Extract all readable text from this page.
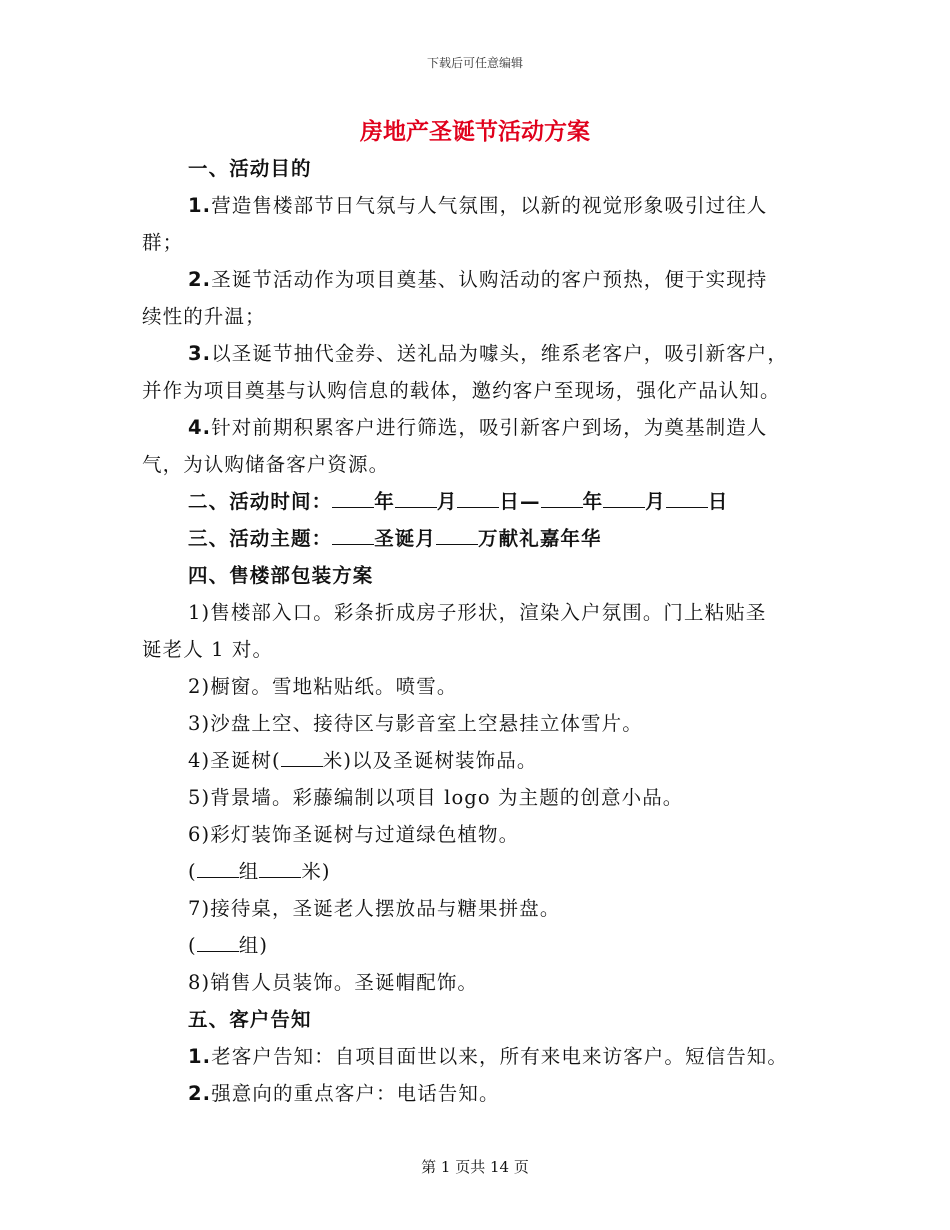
下载后可任意编辑
房地产圣诞节活动方案
一、活动目的
1.营造售楼部节日气氛与人气氛围，以新的视觉形象吸引过往人
群；
2.圣诞节活动作为项目奠基、认购活动的客户预热，便于实现持
续性的升温；
3.以圣诞节抽代金券、送礼品为噱头，维系老客户，吸引新客户，
并作为项目奠基与认购信息的载体，邀约客户至现场，强化产品认知。
4.针对前期积累客户进行筛选，吸引新客户到场，为奠基制造人
气，为认购储备客户资源。
二、活动时间： 年 月 日— 年 月 日
三、活动主题： 圣诞月 万献礼嘉年华
四、售楼部包装方案
1)售楼部入口。彩条折成房子形状，渲染入户氛围。门上粘贴圣
诞老人 1 对。
2)橱窗。雪地粘贴纸。喷雪。
3)沙盘上空、接待区与影音室上空悬挂立体雪片。
4)圣诞树( 米)以及圣诞树装饰品。
5)背景墙。彩藤编制以项目 logo 为主题的创意小品。
6)彩灯装饰圣诞树与过道绿色植物。
( 组 米)
7)接待桌，圣诞老人摆放品与糖果拼盘。
( 组)
8)销售人员装饰。圣诞帽配饰。
五、客户告知
1.老客户告知：自项目面世以来，所有来电来访客户。短信告知。
2.强意向的重点客户：电话告知。
第 1 页共 14 页
